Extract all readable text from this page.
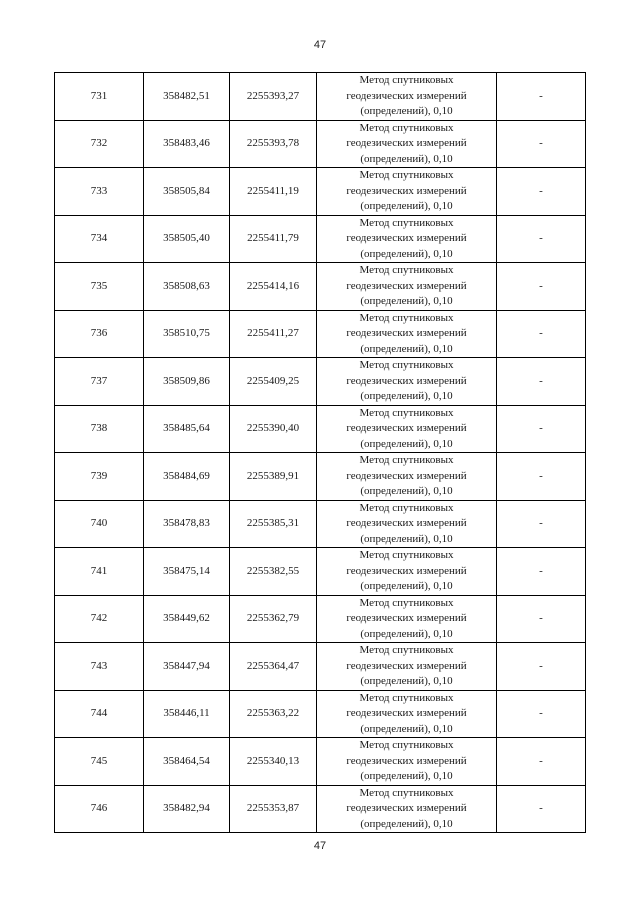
47
731	358482,51	2255393,27	Метод спутниковых
геодезических измерений
(определений), 0,10	-
732	358483,46	2255393,78	Метод спутниковых
геодезических измерений
(определений), 0,10	-
733	358505,84	2255411,19	Метод спутниковых
геодезических измерений
(определений), 0,10	-
734	358505,40	2255411,79	Метод спутниковых
геодезических измерений
(определений), 0,10	-
735	358508,63	2255414,16	Метод спутниковых
геодезических измерений
(определений), 0,10	-
736	358510,75	2255411,27	Метод спутниковых
геодезических измерений
(определений), 0,10	-
737	358509,86	2255409,25	Метод спутниковых
геодезических измерений
(определений), 0,10	-
738	358485,64	2255390,40	Метод спутниковых
геодезических измерений
(определений), 0,10	-
739	358484,69	2255389,91	Метод спутниковых
геодезических измерений
(определений), 0,10	-
740	358478,83	2255385,31	Метод спутниковых
геодезических измерений
(определений), 0,10	-
741	358475,14	2255382,55	Метод спутниковых
геодезических измерений
(определений), 0,10	-
742	358449,62	2255362,79	Метод спутниковых
геодезических измерений
(определений), 0,10	-
743	358447,94	2255364,47	Метод спутниковых
геодезических измерений
(определений), 0,10	-
744	358446,11	2255363,22	Метод спутниковых
геодезических измерений
(определений), 0,10	-
745	358464,54	2255340,13	Метод спутниковых
геодезических измерений
(определений), 0,10	-
746	358482,94	2255353,87	Метод спутниковых
геодезических измерений
(определений), 0,10	-
47
